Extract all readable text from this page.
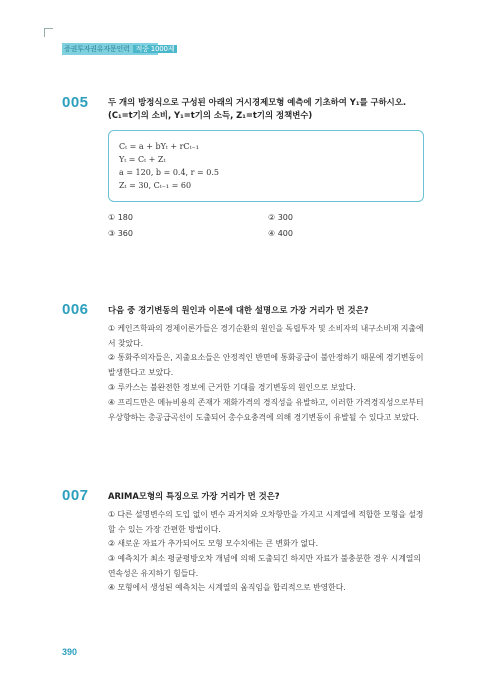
증권투자권유자문인력 적중 1000제
005 두 개의 방정식으로 구성된 아래의 거시경제모형 예측에 기초하여 Y₁를 구하시오.
(C₁=t기의 소비, Y₁=t기의 소득, Z₁=t기의 정책변수)
Cₜ = a + bYₜ + rCₜ₋₁
Yₜ = Cₜ + Zₜ
a = 120, b = 0.4, r = 0.5
Zₜ = 30, Cₜ₋₁ = 60
① 180	② 300
③ 360	④ 400
006 다음 중 경기변동의 원인과 이론에 대한 설명으로 가장 거리가 먼 것은?
① 케인즈학파의 경제이론가들은 경기순환의 원인을 독립투자 및 소비자의 내구소비재 지출에서 찾았다.
② 통화주의자들은, 지출요소들은 안정적인 반면에 통화공급이 불안정하기 때문에 경기변동이 발생한다고 보았다.
③ 루카스는 불완전한 정보에 근거한 기대를 경기변동의 원인으로 보았다.
④ 프리드만은 메뉴비용의 존재가 재화가격의 경직성을 유발하고, 이러한 가격경직성으로부터 우상향하는 총공급곡선이 도출되어 총수요충격에 의해 경기변동이 유발될 수 있다고 보았다.
007 ARIMA모형의 특징으로 가장 거리가 먼 것은?
① 다른 설명변수의 도입 없이 변수 과거치와 오차항만을 가지고 시계열에 적합한 모형을 설정할 수 있는 가장 간편한 방법이다.
② 새로운 자료가 추가되어도 모형 모수치에는 큰 변화가 없다.
③ 예측치가 최소 평균평방오차 개념에 의해 도출되긴 하지만 자료가 불충분한 경우 시계열의 연속성은 유지하기 힘들다.
④ 모형에서 생성된 예측치는 시계열의 움직임을 합리적으로 반영한다.
390
